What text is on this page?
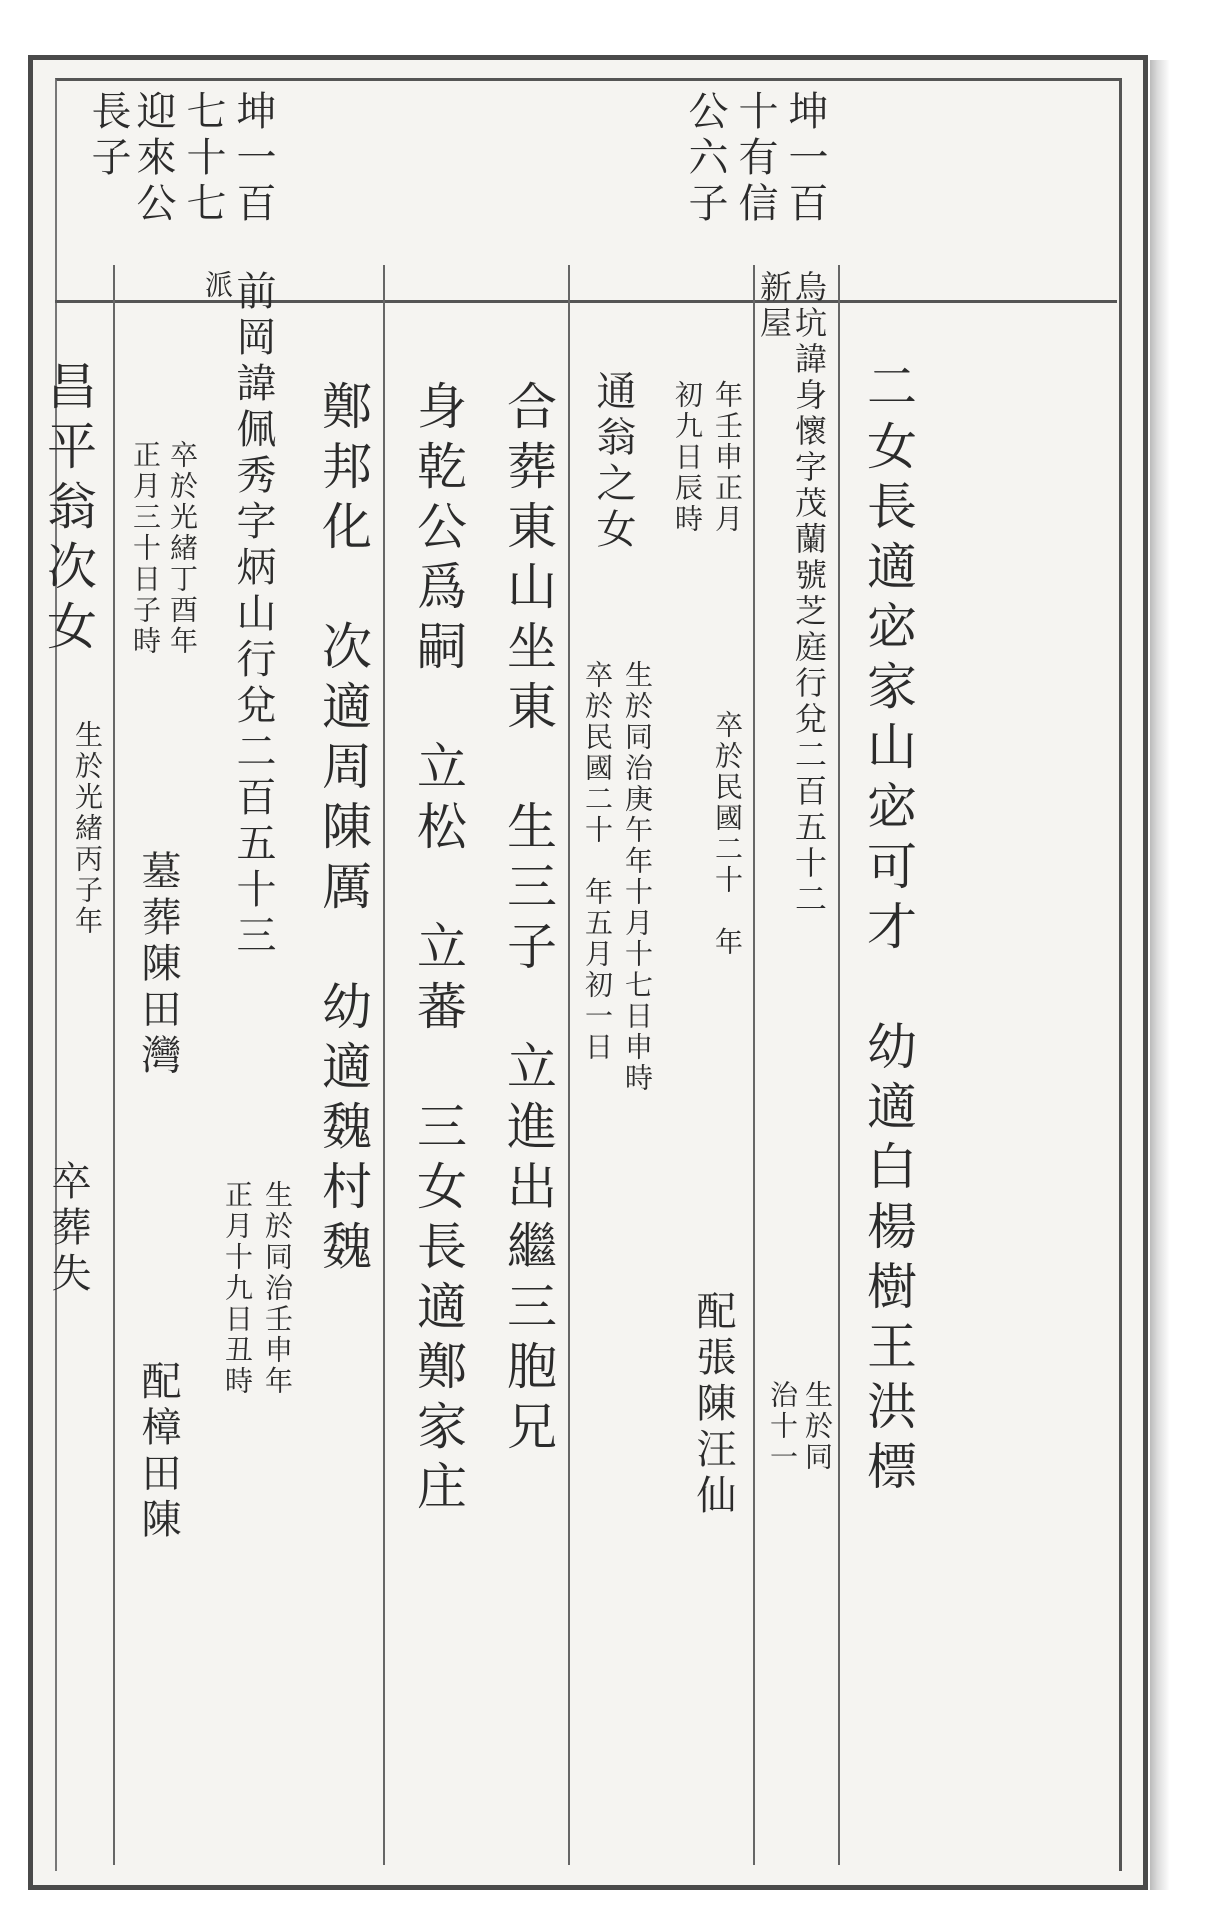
坤一百
十有信
公六子
坤一百
七十七
迎來公
長子
二女長適宓家山宓可才　幼適白楊樹王洪標
烏坑諱身懷字茂蘭號芝庭行兌二百五十二
新屋
年壬申正月
初九日辰時
卒於民國二十　年
配張陳汪仙 生於同
治十一
通翁之女
生於同治庚午年十月十七日申時
卒於民國二十　年五月初一日
合葬東山坐東　生三子　立進出繼三胞兄
身乾公爲嗣　立松　立蕃　三女長適鄭家庄
鄭邦化　次適周陳厲　幼適魏村魏
前岡諱佩秀字炳山行兌二百五十三
派
生於同治壬申年
正月十九日丑時
卒於光緒丁酉年
正月三十日子時
墓葬陳田灣
配樟田陳
昌平翁次女
生於光緒丙子年
卒葬失
